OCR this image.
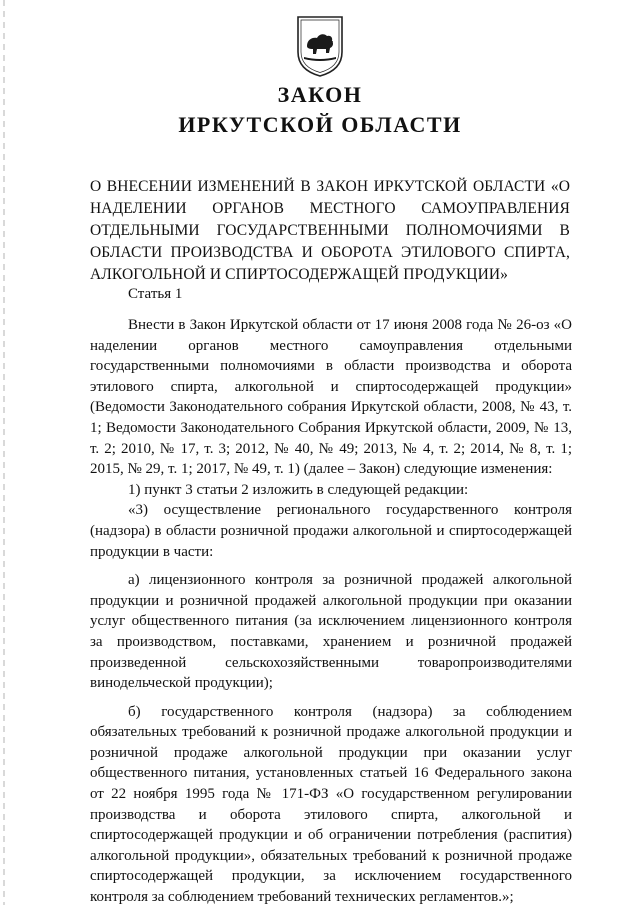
ЗАКОН
ИРКУТСКОЙ ОБЛАСТИ
О ВНЕСЕНИИ ИЗМЕНЕНИЙ В ЗАКОН ИРКУТСКОЙ ОБЛАСТИ «О НАДЕЛЕНИИ ОРГАНОВ МЕСТНОГО САМОУПРАВЛЕНИЯ ОТДЕЛЬНЫМИ ГОСУДАРСТВЕННЫМИ ПОЛНОМОЧИЯМИ В ОБЛАСТИ ПРОИЗВОДСТВА И ОБОРОТА ЭТИЛОВОГО СПИРТА, АЛКОГОЛЬНОЙ И СПИРТОСОДЕРЖАЩЕЙ ПРОДУКЦИИ»
Статья 1

Внести в Закон Иркутской области от 17 июня 2008 года № 26-оз «О наделении органов местного самоуправления отдельными государственными полномочиями в области производства и оборота этилового спирта, алкогольной и спиртосодержащей продукции» (Ведомости Законодательного собрания Иркутской области, 2008, № 43, т. 1; Ведомости Законодательного Собрания Иркутской области, 2009, № 13, т. 2; 2010, № 17, т. 3; 2012, № 40, № 49; 2013, № 4, т. 2; 2014, № 8, т. 1; 2015, № 29, т. 1; 2017, № 49, т. 1) (далее – Закон) следующие изменения:

1) пункт 3 статьи 2 изложить в следующей редакции:

«3) осуществление регионального государственного контроля (надзора) в области розничной продажи алкогольной и спиртосодержащей продукции в части:

а) лицензионного контроля за розничной продажей алкогольной продукции и розничной продажей алкогольной продукции при оказании услуг общественного питания (за исключением лицензионного контроля за производством, поставками, хранением и розничной продажей произведенной сельскохозяйственными товаропроизводителями винодельческой продукции);

б) государственного контроля (надзора) за соблюдением обязательных требований к розничной продаже алкогольной продукции и розничной продаже алкогольной продукции при оказании услуг общественного питания, установленных статьей 16 Федерального закона от 22 ноября 1995 года № 171-ФЗ «О государственном регулировании производства и оборота этилового спирта, алкогольной и спиртосодержащей продукции и об ограничении потребления (распития) алкогольной продукции», обязательных требований к розничной продаже спиртосодержащей продукции, за исключением государственного контроля за соблюдением требований технических регламентов.»;
